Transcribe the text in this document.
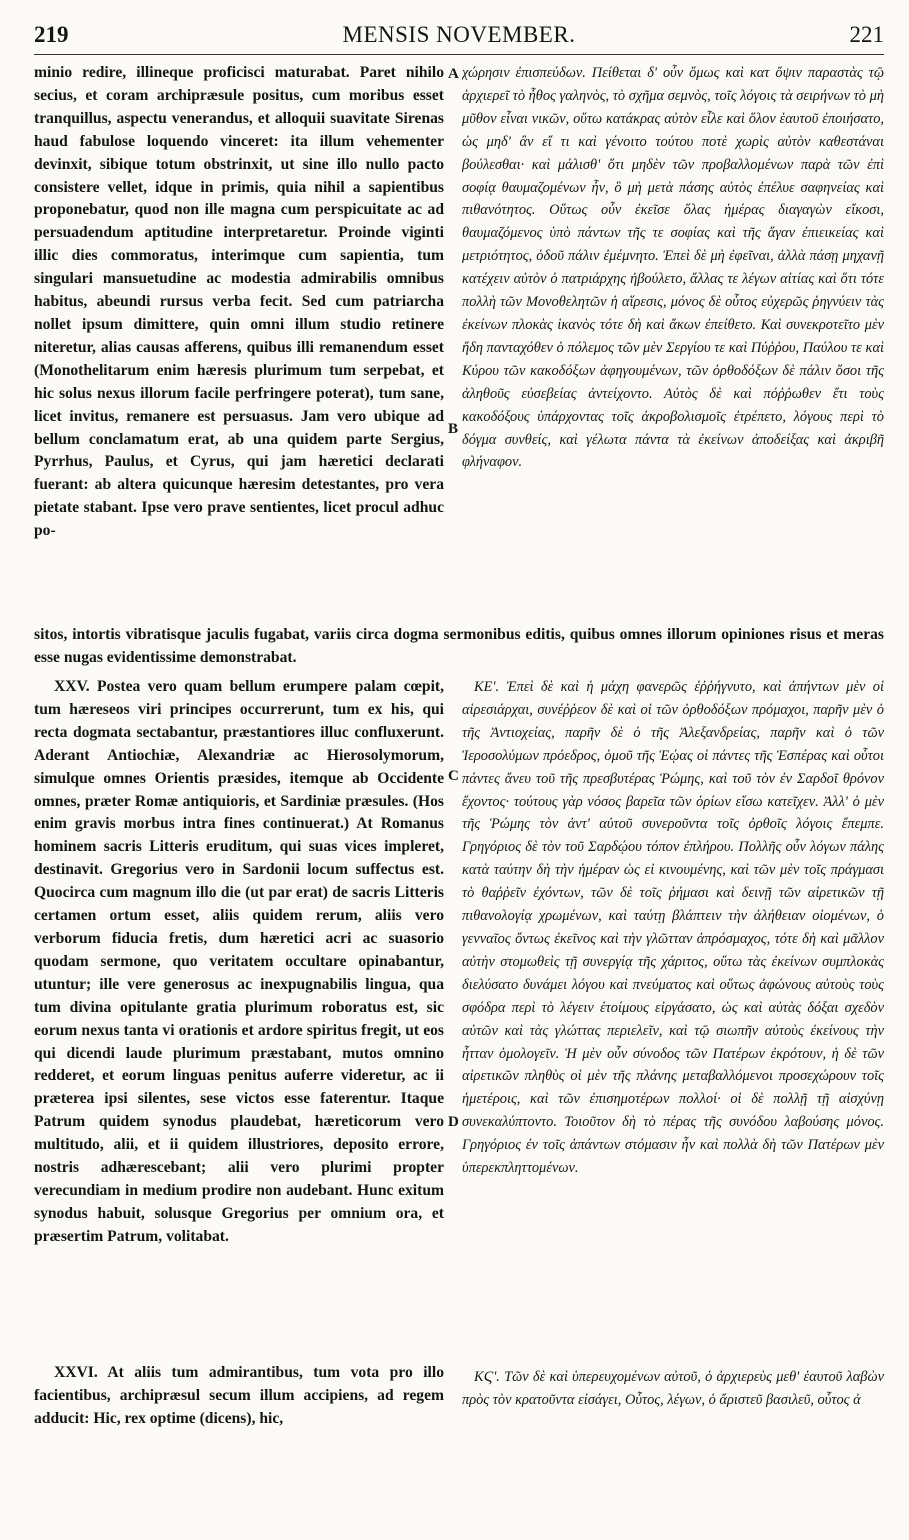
219	MENSIS NOVEMBER.	221

minio redire, illineque proficisci maturabat. Paret nihilo secius, et coram archipræsule positus, cum moribus esset tranquillus, aspectu venerandus, et alloquii suavitate Sirenas haud fabulose loquendo vinceret: ita illum vehementer devinxit, sibique totum obstrinxit, ut sine illo nullo pacto consistere vellet, idque in primis, quia nihil a sapientibus proponebatur, quod non ille magna cum perspicuitate ac ad persuadendum aptitudine interpretaretur. Proinde viginti illic dies commoratus, interimque cum sapientia, tum singulari mansuetudine ac modestia admirabilis omnibus habitus, abeundi rursus verba fecit. Sed cum patriarcha nollet ipsum dimittere, quin omni illum studio retinere niteretur, alias causas afferens, quibus illi remanendum esset (Monothelitarum enim hæresis plurimum tum serpebat, et hic solus nexus illorum facile perfringere poterat), tum sane, licet invitus, remanere est persuasus. Jam vero ubique ad bellum conclamatum erat, ab una quidem parte Sergius, Pyrrhus, Paulus, et Cyrus, qui jam hæretici declarati fuerant: ab altera quicunque hæresim detestantes, pro vera pietate stabant. Ipse vero prave sentientes, licet procul adhuc po-

χώρησιν ἐπισπεύδων. Πείθεται δ' οὖν ὅμως καὶ κατ ὄψιν παραστὰς τῷ ἀρχιερεῖ τὸ ἦθος γαληνὸς, τὸ σχῆμα σεμνὸς, τοῖς λόγοις τὰ σειρήνων τὸ μὴ μῦθον εἶναι νικῶν, οὕτω κατάκρας αὐτὸν εἷλε καὶ ὅλον ἑαυτοῦ ἐποιήσατο, ὡς μηδ' ἂν εἴ τι καὶ γένοιτο τούτου ποτὲ χωρὶς αὐτὸν καθεστάναι βούλεσθαι· καὶ μάλισθ' ὅτι μηδὲν τῶν προβαλλομένων παρὰ τῶν ἐπὶ σοφίᾳ θαυμαζομένων ἦν, ὃ μὴ μετὰ πάσης αὐτὸς ἐπέλυε σαφηνείας καὶ πιθανότητος. Οὕτως οὖν ἐκεῖσε ὅλας ἡμέρας διαγαγὼν εἴκοσι, θαυμαζόμενος ὑπὸ πάντων τῆς τε σοφίας καὶ τῆς ἄγαν ἐπιεικείας καὶ μετριότητος, ὁδοῦ πάλιν ἐμέμνητο. Ἐπεὶ δὲ μὴ ἐφεῖναι, ἀλλὰ πάσῃ μηχανῇ κατέχειν αὐτὸν ὁ πατριάρχης ἠβούλετο, ἄλλας τε λέγων αἰτίας καὶ ὅτι τότε πολλὴ τῶν Μονοθελητῶν ἡ αἵρεσις, μόνος δὲ οὗτος εὐχερῶς ῥηγνύειν τὰς ἐκείνων πλοκὰς ἱκανὸς τότε δὴ καὶ ἄκων ἐπείθετο. Καὶ συνεκροτεῖτο μὲν ἤδη πανταχόθεν ὁ πόλεμος τῶν μὲν Σεργίου τε καὶ Πύῤῥου, Παύλου τε καὶ Κύρου τῶν κακοδόξων ἀφηγουμένων, τῶν ὀρθοδόξων δὲ πάλιν ὅσοι τῆς ἀληθοῦς εὐσεβείας ἀντείχοντο. Αὐτὸς δὲ καὶ πόῤῥωθεν ἔτι τοὺς κακοδόξους ὑπάρχοντας τοῖς ἀκροβολισμοῖς ἐτρέπετο, λόγους περὶ τὸ δόγμα συνθείς, καὶ γέλωτα πάντα τὰ ἐκείνων ἀποδείξας καὶ ἀκριβῆ φλήναφον.

sitos, intortis vibratisque jaculis fugabat, variis circa dogma sermonibus editis, quibus omnes illorum opiniones risus et meras esse nugas evidentissime demonstrabat.

XXV. Postea vero quam bellum erumpere palam cœpit, tum hæreseos viri principes occurrerunt, tum ex his, qui recta dogmata sectabantur, præstantiores illuc confluxerunt. Aderant Antiochiæ, Alexandriæ ac Hierosolymorum, simulque omnes Orientis præsides, itemque ab Occidente omnes, præter Romæ antiquioris, et Sardiniæ præsules. (Hos enim gravis morbus intra fines continuerat.) At Romanus hominem sacris Litteris eruditum, qui suas vices impleret, destinavit. Gregorius vero in Sardonii locum suffectus est. Quocirca cum magnum illo die (ut par erat) de sacris Litteris certamen ortum esset, aliis quidem rerum, aliis vero verborum fiducia fretis, dum hæretici acri ac suasorio quodam sermone, quo veritatem occultare opinabantur, utuntur; ille vere generosus ac inexpugnabilis lingua, qua tum divina opitulante gratia plurimum roboratus est, sic eorum nexus tanta vi orationis et ardore spiritus fregit, ut eos qui dicendi laude plurimum præstabant, mutos omnino redderet, et eorum linguas penitus auferre videretur, ac ii præterea ipsi silentes, sese victos esse faterentur. Itaque Patrum quidem synodus plaudebat, hæreticorum vero multitudo, alii, et ii quidem illustriores, deposito errore, nostris adhærescebant; alii vero plurimi propter verecundiam in medium prodire non audebant. Hunc exitum synodus habuit, solusque Gregorius per omnium ora, et præsertim Patrum, volitabat.

XXVI. At aliis tum admirantibus, tum vota pro illo facientibus, archipræsul secum illum accipiens, ad regem adducit: Hic, rex optime (dicens), hic,

ΚΕ'. Ἐπεὶ δὲ καὶ ἡ μάχη φανερῶς ἐῤῥήγνυτο, καὶ ἀπήντων μὲν οἱ αἱρεσιάρχαι, συνέῤῥεον δὲ καὶ οἱ τῶν ὀρθοδόξων πρόμαχοι, παρῆν μὲν ὁ τῆς Ἀντιοχείας, παρῆν δὲ ὁ τῆς Ἀλεξανδρείας, παρῆν καὶ ὁ τῶν Ἱεροσολύμων πρόεδρος, ὁμοῦ τῆς Ἑῴας οἱ πάντες τῆς Ἑσπέρας καὶ οὗτοι πάντες ἄνευ τοῦ τῆς πρεσβυτέρας Ῥώμης, καὶ τοῦ τὸν ἐν Σαρδοῖ θρόνον ἔχοντος· τούτους γὰρ νόσος βαρεῖα τῶν ὁρίων εἴσω κατεῖχεν. Ἀλλ' ὁ μὲν τῆς Ῥώμης τὸν ἀντ' αὐτοῦ συνεροῦντα τοῖς ὀρθοῖς λόγοις ἔπεμπε. Γρηγόριος δὲ τὸν τοῦ Σαρδῴου τόπον ἐπλήρου. Πολλῆς οὖν λόγων πάλης κατὰ ταύτην δὴ τὴν ἡμέραν ὡς εἰ κινουμένης, καὶ τῶν μὲν τοῖς πράγμασι τὸ θαῤῥεῖν ἐχόντων, τῶν δὲ τοῖς ῥήμασι καὶ δεινῇ τῶν αἱρετικῶν τῇ πιθανολογίᾳ χρωμένων, καὶ ταύτῃ βλάπτειν τὴν ἀλήθειαν οἰομένων, ὁ γενναῖος ὄντως ἐκεῖνος καὶ τὴν γλῶτταν ἀπρόσμαχος, τότε δὴ καὶ μᾶλλον αὐτὴν στομωθεὶς τῇ συνεργίᾳ τῆς χάριτος, οὕτω τὰς ἐκείνων συμπλοκὰς διελύσατο δυνάμει λόγου καὶ πνεύματος καὶ οὕτως ἀφώνους αὐτοὺς τοὺς σφόδρα περὶ τὸ λέγειν ἑτοίμους εἰργάσατο, ὡς καὶ αὐτὰς δόξαι σχεδὸν αὐτῶν καὶ τὰς γλώττας περιελεῖν, καὶ τῷ σιωπῆν αὐτοὺς ἐκείνους τὴν ἧτταν ὁμολογεῖν. Ἡ μὲν οὖν σύνοδος τῶν Πατέρων ἐκρότουν, ἡ δὲ τῶν αἱρετικῶν πληθὺς οἱ μὲν τῆς πλάνης μεταβαλλόμενοι προσεχώρουν τοῖς ἡμετέροις, καὶ τῶν ἐπισημοτέρων πολλοί· οἱ δὲ πολλῇ τῇ αἰσχύνῃ συνεκαλύπτοντο. Τοιοῦτον δὴ τὸ πέρας τῆς συνόδου λαβούσης μόνος. Γρηγόριος ἐν τοῖς ἁπάντων στόμασιν ἦν καὶ πολλὰ δὴ τῶν Πατέρων μὲν ὑπερεκπληττομένων.

ΚϚ'. Τῶν δὲ καὶ ὑπερευχομένων αὐτοῦ, ὁ ἀρχιερεὺς μεθ' ἑαυτοῦ λαβὼν πρὸς τὸν κρατοῦντα εἰσάγει, Οὗτος, λέγων, ὁ ἄριστεῦ βασιλεῦ, οὗτος ἀ

A
B
C
D
